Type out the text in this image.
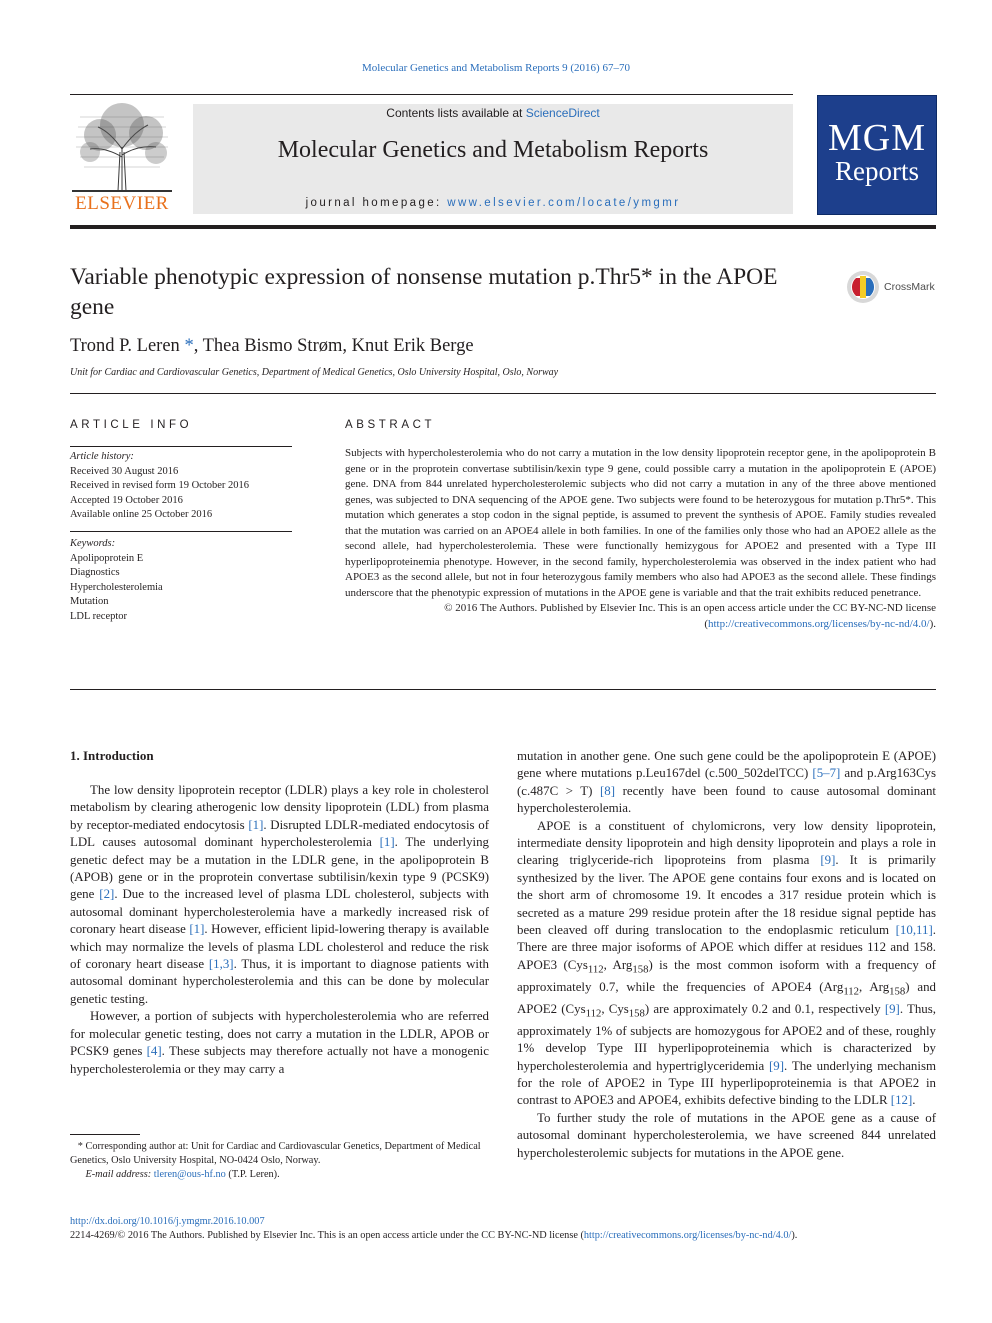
Molecular Genetics and Metabolism Reports 9 (2016) 67–70
ELSEVIER
Contents lists available at ScienceDirect
Molecular Genetics and Metabolism Reports
journal homepage: www.elsevier.com/locate/ymgmr
MGM
Reports
Variable phenotypic expression of nonsense mutation p.Thr5* in the APOE gene
CrossMark
Trond P. Leren *, Thea Bismo Strøm, Knut Erik Berge
Unit for Cardiac and Cardiovascular Genetics, Department of Medical Genetics, Oslo University Hospital, Oslo, Norway
ARTICLE INFO
Article history:
Received 30 August 2016
Received in revised form 19 October 2016
Accepted 19 October 2016
Available online 25 October 2016
Keywords:
Apolipoprotein E
Diagnostics
Hypercholesterolemia
Mutation
LDL receptor
ABSTRACT

Subjects with hypercholesterolemia who do not carry a mutation in the low density lipoprotein receptor gene, in the apolipoprotein B gene or in the proprotein convertase subtilisin/kexin type 9 gene, could possible carry a mutation in the apolipoprotein E (APOE) gene. DNA from 844 unrelated hypercholesterolemic subjects who did not carry a mutation in any of the three above mentioned genes, was subjected to DNA sequencing of the APOE gene. Two subjects were found to be heterozygous for mutation p.Thr5*. This mutation which generates a stop codon in the signal peptide, is assumed to prevent the synthesis of APOE. Family studies revealed that the mutation was carried on an APOE4 allele in both families. In one of the families only those who had an APOE2 allele as the second allele, had hypercholesterolemia. These were functionally hemizygous for APOE2 and presented with a Type III hyperlipoproteinemia phenotype. However, in the second family, hypercholesterolemia was observed in the index patient who had APOE3 as the second allele, but not in four heterozygous family members who also had APOE3 as the second allele. These findings underscore that the phenotypic expression of mutations in the APOE gene is variable and that the trait exhibits reduced penetrance.

© 2016 The Authors. Published by Elsevier Inc. This is an open access article under the CC BY-NC-ND license (http://creativecommons.org/licenses/by-nc-nd/4.0/).

1. Introduction

The low density lipoprotein receptor (LDLR) plays a key role in cholesterol metabolism by clearing atherogenic low density lipoprotein (LDL) from plasma by receptor-mediated endocytosis [1]. Disrupted LDLR-mediated endocytosis of LDL causes autosomal dominant hypercholesterolemia [1]. The underlying genetic defect may be a mutation in the LDLR gene, in the apolipoprotein B (APOB) gene or in the proprotein convertase subtilisin/kexin type 9 (PCSK9) gene [2]. Due to the increased level of plasma LDL cholesterol, subjects with autosomal dominant hypercholesterolemia have a markedly increased risk of coronary heart disease [1]. However, efficient lipid-lowering therapy is available which may normalize the levels of plasma LDL cholesterol and reduce the risk of coronary heart disease [1,3]. Thus, it is important to diagnose patients with autosomal dominant hypercholesterolemia and this can be done by molecular genetic testing.

However, a portion of subjects with hypercholesterolemia who are referred for molecular genetic testing, does not carry a mutation in the LDLR, APOB or PCSK9 genes [4]. These subjects may therefore actually not have a monogenic hypercholesterolemia or they may carry a

mutation in another gene. One such gene could be the apolipoprotein E (APOE) gene where mutations p.Leu167del (c.500_502delTCC) [5–7] and p.Arg163Cys (c.487C > T) [8] recently have been found to cause autosomal dominant hypercholesterolemia.

APOE is a constituent of chylomicrons, very low density lipoprotein, intermediate density lipoprotein and high density lipoprotein and plays a role in clearing triglyceride-rich lipoproteins from plasma [9]. It is primarily synthesized by the liver. The APOE gene contains four exons and is located on the short arm of chromosome 19. It encodes a 317 residue protein which is secreted as a mature 299 residue protein after the 18 residue signal peptide has been cleaved off during translocation to the endoplasmic reticulum [10,11]. There are three major isoforms of APOE which differ at residues 112 and 158. APOE3 (Cys$_{112}$, Arg$_{158}$) is the most common isoform with a frequency of approximately 0.7, while the frequencies of APOE4 (Arg$_{112}$, Arg$_{158}$) and APOE2 (Cys$_{112}$, Cys$_{158}$) are approximately 0.2 and 0.1, respectively [9]. Thus, approximately 1% of subjects are homozygous for APOE2 and of these, roughly 1% develop Type III hyperlipoproteinemia which is characterized by hypercholesterolemia and hypertriglyceridemia [9]. The underlying mechanism for the role of APOE2 in Type III hyperlipoproteinemia is that APOE2 in contrast to APOE3 and APOE4, exhibits defective binding to the LDLR [12].

To further study the role of mutations in the APOE gene as a cause of autosomal dominant hypercholesterolemia, we have screened 844 unrelated hypercholesterolemic subjects for mutations in the APOE gene.

* Corresponding author at: Unit for Cardiac and Cardiovascular Genetics, Department of Medical Genetics, Oslo University Hospital, NO-0424 Oslo, Norway.

E-mail address: tleren@ous-hf.no (T.P. Leren).

http://dx.doi.org/10.1016/j.ymgmr.2016.10.007
2214-4269/© 2016 The Authors. Published by Elsevier Inc. This is an open access article under the CC BY-NC-ND license (http://creativecommons.org/licenses/by-nc-nd/4.0/).
